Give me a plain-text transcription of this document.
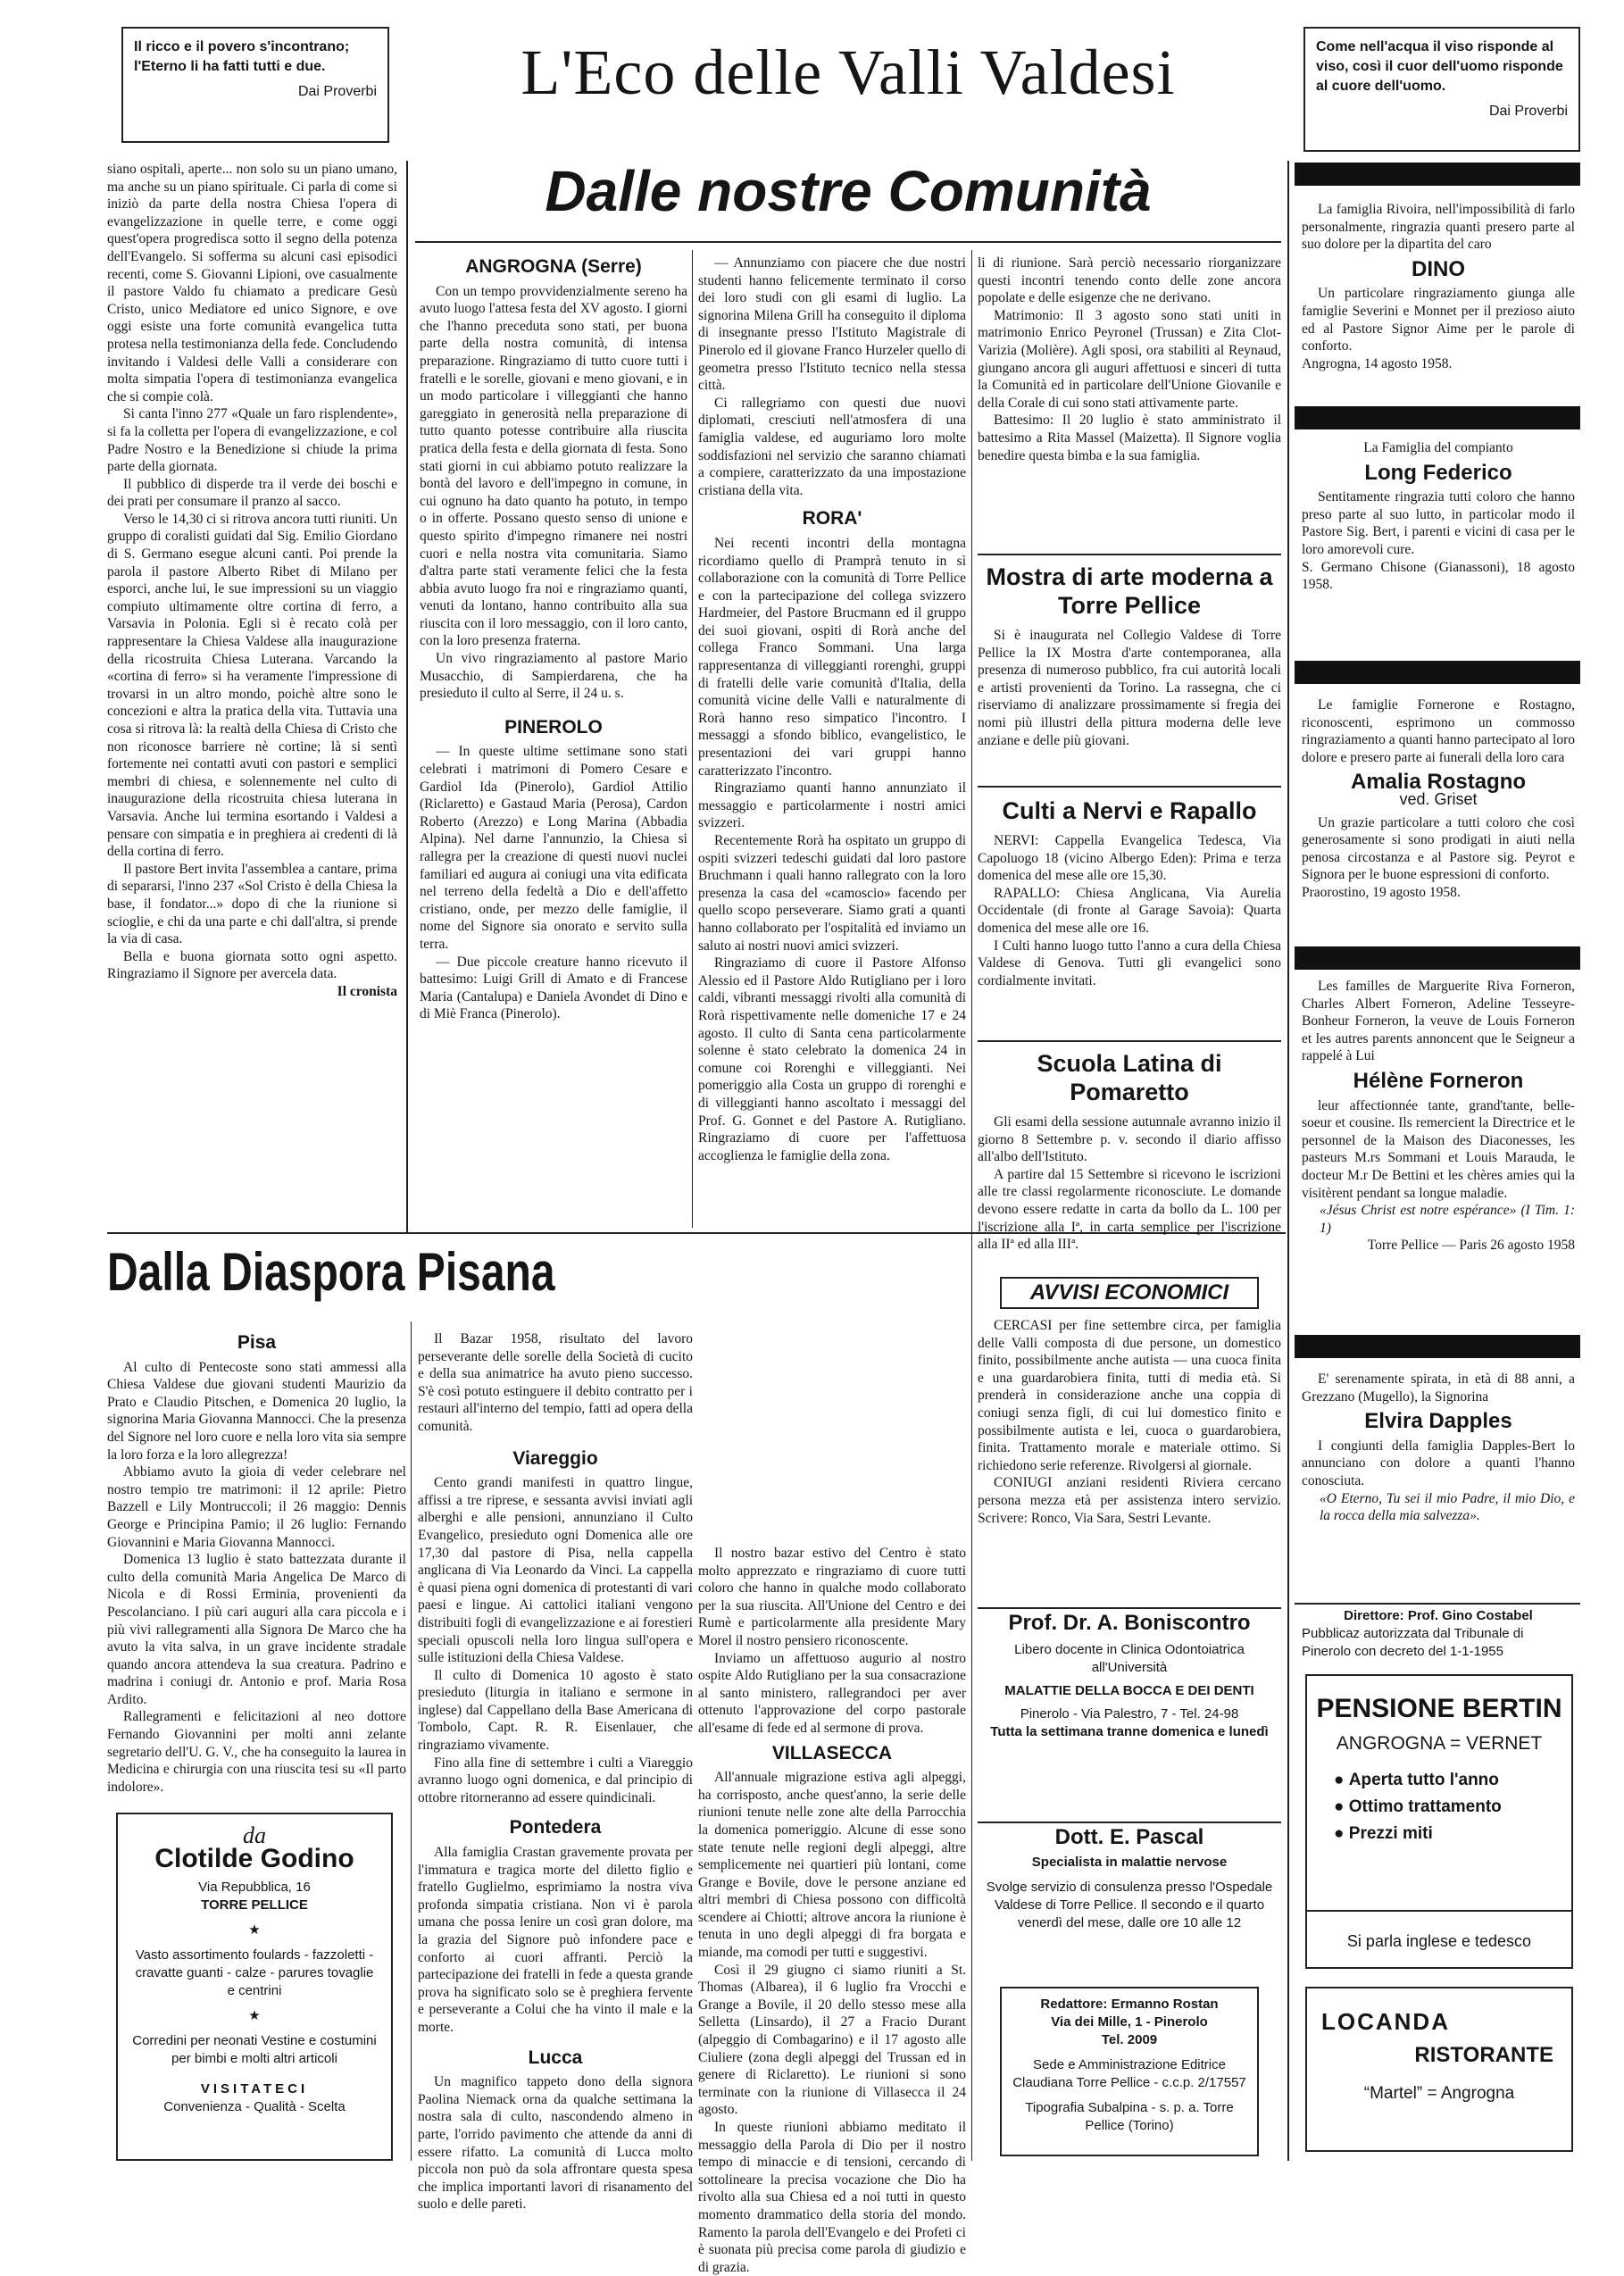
Il ricco e il povero s'incontrano; l'Eterno li ha fatti tutti e due.
Dai Proverbi	L'Eco delle Valli Valdesi	Come nell'acqua il viso risponde al viso, così il cuor dell'uomo risponde al cuore dell'uomo.
Dai Proverbi

siano ospitali, aperte... non solo su un piano umano, ma anche su un piano spirituale. Ci parla di come si iniziò da parte della nostra Chiesa l'opera di evangelizzazione in quelle terre, e come oggi quest'opera progredisca sotto il segno della potenza dell'Evangelo. Si sofferma su alcuni casi episodici recenti, come S. Giovanni Lipioni, ove casualmente il pastore Valdo fu chiamato a predicare Gesù Cristo, unico Mediatore ed unico Signore, e ove oggi esiste una forte comunità evangelica tutta protesa nella testimonianza della fede. Concludendo invitando i Valdesi delle Valli a considerare con molta simpatia l'opera di testimonianza evangelica che si compie colà.

Si canta l'inno 277 «Quale un faro risplendente», si fa la colletta per l'opera di evangelizzazione, e col Padre Nostro e la Benedizione si chiude la prima parte della giornata.

Il pubblico di disperde tra il verde dei boschi e dei prati per consumare il pranzo al sacco.

Verso le 14,30 ci si ritrova ancora tutti riuniti. Un gruppo di coralisti guidati dal Sig. Emilio Giordano di S. Germano esegue alcuni canti. Poi prende la parola il pastore Alberto Ribet di Milano per esporci, anche lui, le sue impressioni su un viaggio compiuto ultimamente oltre cortina di ferro, a Varsavia in Polonia. Egli si è recato colà per rappresentare la Chiesa Valdese alla inaugurazione della ricostruita Chiesa Luterana. Varcando la «cortina di ferro» si ha veramente l'impressione di trovarsi in un altro mondo, poichè altre sono le concezioni e altra la pratica della vita. Tuttavia una cosa si ritrova là: la realtà della Chiesa di Cristo che non riconosce barriere nè cortine; là si sentì fortemente nei contatti avuti con pastori e semplici membri di chiesa, e solennemente nel culto di inaugurazione della ricostruita chiesa luterana in Varsavia. Anche lui termina esortando i Valdesi a pensare con simpatia e in preghiera ai credenti di là della cortina di ferro.

Il pastore Bert invita l'assemblea a cantare, prima di separarsi, l'inno 237 «Sol Cristo è della Chiesa la base, il fondator...» dopo di che la riunione si scioglie, e chi da una parte e chi dall'altra, si prende la via di casa.

Bella e buona giornata sotto ogni aspetto. Ringraziamo il Signore per avercela data.

Il cronista
Dalle nostre Comunità
ANGROGNA (Serre)

Con un tempo provvidenzialmente sereno ha avuto luogo l'attesa festa del XV agosto. I giorni che l'hanno preceduta sono stati, per buona parte della nostra comunità, di intensa preparazione. Ringraziamo di tutto cuore tutti i fratelli e le sorelle, giovani e meno giovani, e in un modo particolare i villeggianti che hanno gareggiato in generosità nella preparazione di tutto quanto potesse contribuire alla riuscita pratica della festa e della giornata di festa. Sono stati giorni in cui abbiamo potuto realizzare la bontà del lavoro e dell'impegno in comune, in cui ognuno ha dato quanto ha potuto, in tempo o in offerte. Possano questo senso di unione e questo spirito d'impegno rimanere nei nostri cuori e nella nostra vita comunitaria. Siamo d'altra parte stati veramente felici che la festa abbia avuto luogo fra noi e ringraziamo quanti, venuti da lontano, hanno contribuito alla sua riuscita con il loro messaggio, con il loro canto, con la loro presenza fraterna.

Un vivo ringraziamento al pastore Mario Musacchio, di Sampierdarena, che ha presieduto il culto al Serre, il 24 u. s.

PINEROLO

— In queste ultime settimane sono stati celebrati i matrimoni di Pomero Cesare e Gardiol Ida (Pinerolo), Gardiol Attilio (Riclaretto) e Gastaud Maria (Perosa), Cardon Roberto (Arezzo) e Long Marina (Abbadia Alpina). Nel darne l'annunzio, la Chiesa si rallegra per la creazione di questi nuovi nuclei familiari ed augura ai coniugi una vita edificata nel terreno della fedeltà a Dio e dell'affetto cristiano, onde, per mezzo delle famiglie, il nome del Signore sia onorato e servito sulla terra.

— Due piccole creature hanno ricevuto il battesimo: Luigi Grill di Amato e di Francese Maria (Cantalupa) e Daniela Avondet di Dino e di Miè Franca (Pinerolo).

— Annunziamo con piacere che due nostri studenti hanno felicemente terminato il corso dei loro studi con gli esami di luglio. La signorina Milena Grill ha conseguito il diploma di insegnante presso l'Istituto Magistrale di Pinerolo ed il giovane Franco Hurzeler quello di geometra presso l'Istituto tecnico nella stessa città.

Ci rallegriamo con questi due nuovi diplomati, cresciuti nell'atmosfera di una famiglia valdese, ed auguriamo loro molte soddisfazioni nel servizio che saranno chiamati a compiere, caratterizzato da una impostazione cristiana della vita.

RORA'

Nei recenti incontri della montagna ricordiamo quello di Pramprà tenuto in sì collaborazione con la comunità di Torre Pellice e con la partecipazione del collega svizzero Hardmeier, del Pastore Brucmann ed il gruppo dei suoi giovani, ospiti di Rorà anche del collega Franco Sommani. Una larga rappresentanza di villeggianti rorenghi, gruppi di fratelli delle varie comunità d'Italia, della comunità vicine delle Valli e naturalmente di Rorà hanno reso simpatico l'incontro. I messaggi a sfondo biblico, evangelistico, le presentazioni dei vari gruppi hanno caratterizzato l'incontro.

Ringraziamo quanti hanno annunziato il messaggio e particolarmente i nostri amici svizzeri.

Recentemente Rorà ha ospitato un gruppo di ospiti svizzeri tedeschi guidati dal loro pastore Bruchmann i quali hanno rallegrato con la loro presenza la casa del «camoscio» facendo per quello scopo perseverare. Siamo grati a quanti hanno collaborato per l'ospitalità ed inviamo un saluto ai nostri nuovi amici svizzeri.

Ringraziamo di cuore il Pastore Alfonso Alessio ed il Pastore Aldo Rutigliano per i loro caldi, vibranti messaggi rivolti alla comunità di Rorà rispettivamente nelle domeniche 17 e 24 agosto. Il culto di Santa cena particolarmente solenne è stato celebrato la domenica 24 in comune coi Rorenghi e villeggianti. Nei pomeriggio alla Costa un gruppo di rorenghi e di villeggianti hanno ascoltato i messaggi del Prof. G. Gonnet e del Pastore A. Rutigliano. Ringraziamo di cuore per l'affettuosa accoglienza le famiglie della zona.

li di riunione. Sarà perciò necessario riorganizzare questi incontri tenendo conto delle zone ancora popolate e delle esigenze che ne derivano.

Matrimonio: Il 3 agosto sono stati uniti in matrimonio Enrico Peyronel (Trussan) e Zita Clot-Varizia (Molière). Agli sposi, ora stabiliti al Reynaud, giungano ancora gli auguri affettuosi e sinceri di tutta la Comunità ed in particolare dell'Unione Giovanile e della Corale di cui sono stati attivamente parte.

Battesimo: Il 20 luglio è stato amministrato il battesimo a Rita Massel (Maizetta). Il Signore voglia benedire questa bimba e la sua famiglia.

Mostra di arte moderna a Torre Pellice

Si è inaugurata nel Collegio Valdese di Torre Pellice la IX Mostra d'arte contemporanea, alla presenza di numeroso pubblico, fra cui autorità locali e artisti provenienti da Torino. La rassegna, che ci riserviamo di analizzare prossimamente si fregia dei nomi più illustri della pittura moderna delle leve anziane e delle più giovani.

Culti a Nervi e Rapallo

NERVI: Cappella Evangelica Tedesca, Via Capoluogo 18 (vicino Albergo Eden): Prima e terza domenica del mese alle ore 15,30.

RAPALLO: Chiesa Anglicana, Via Aurelia Occidentale (di fronte al Garage Savoia): Quarta domenica del mese alle ore 16.

I Culti hanno luogo tutto l'anno a cura della Chiesa Valdese di Genova. Tutti gli evangelici sono cordialmente invitati.

Scuola Latina di Pomaretto

Gli esami della sessione autunnale avranno inizio il giorno 8 Settembre p. v. secondo il diario affisso all'albo dell'Istituto.

A partire dal 15 Settembre si ricevono le iscrizioni alle tre classi regolarmente riconosciute. Le domande devono essere redatte in carta da bollo da L. 100 per l'iscrizione alla Iª, in carta semplice per l'iscrizione alla IIª ed alla IIIª.

AVVISI ECONOMICI

CERCASI per fine settembre circa, per famiglia delle Valli composta di due persone, un domestico finito, possibilmente anche autista — una cuoca finita e una guardarobiera finita, tutti di media età. Si prenderà in considerazione anche una coppia di coniugi senza figli, di cui lui domestico finito e possibilmente autista e lei, cuoca o guardarobiera, finita. Trattamento morale e materiale ottimo. Si richiedono serie referenze. Rivolgersi al giornale.

CONIUGI anziani residenti Riviera cercano persona mezza età per assistenza intero servizio. Scrivere: Ronco, Via Sara, Sestri Levante.

Dalla Diaspora Pisana
Pisa

Al culto di Pentecoste sono stati ammessi alla Chiesa Valdese due giovani studenti Maurizio da Prato e Claudio Pitschen, e Domenica 20 luglio, la signorina Maria Giovanna Mannocci. Che la presenza del Signore nel loro cuore e nella loro vita sia sempre la loro forza e la loro allegrezza!

Abbiamo avuto la gioia di veder celebrare nel nostro tempio tre matrimoni: il 12 aprile: Pietro Bazzell e Lily Montruccoli; il 26 maggio: Dennis George e Principina Pamio; il 26 luglio: Fernando Giovannini e Maria Giovanna Mannocci.

Domenica 13 luglio è stato battezzata durante il culto della comunità Maria Angelica De Marco di Nicola e di Rossi Erminia, provenienti da Pescolanciano. I più cari auguri alla cara piccola e i più vivi rallegramenti alla Signora De Marco che ha avuto la vita salva, in un grave incidente stradale quando ancora attendeva la sua creatura. Padrino e madrina i coniugi dr. Antonio e prof. Maria Rosa Ardito.

Rallegramenti e felicitazioni al neo dottore Fernando Giovannini per molti anni zelante segretario dell'U. G. V., che ha conseguito la laurea in Medicina e chirurgia con una riuscita tesi su «Il parto indolore».

Il Bazar 1958, risultato del lavoro perseverante delle sorelle della Società di cucito e della sua animatrice ha avuto pieno successo. S'è così potuto estinguere il debito contratto per i restauri all'interno del tempio, fatti ad opera della comunità.

Viareggio

Cento grandi manifesti in quattro lingue, affissi a tre riprese, e sessanta avvisi inviati agli alberghi e alle pensioni, annunziano il Culto Evangelico, presieduto ogni Domenica alle ore 17,30 dal pastore di Pisa, nella cappella anglicana di Via Leonardo da Vinci. La cappella è quasi piena ogni domenica di protestanti di vari paesi e lingue. Ai cattolici italiani vengono distribuiti fogli di evangelizzazione e ai forestieri speciali opuscoli nella loro lingua sull'opera e sulle istituzioni della Chiesa Valdese.

Il culto di Domenica 10 agosto è stato presieduto (liturgia in italiano e sermone in inglese) dal Cappellano della Base Americana di Tombolo, Capt. R. R. Eisenlauer, che ringraziamo vivamente.

Fino alla fine di settembre i culti a Viareggio avranno luogo ogni domenica, e dal principio di ottobre ritorneranno ad essere quindicinali.

Pontedera

Alla famiglia Crastan gravemente provata per l'immatura e tragica morte del diletto figlio e fratello Guglielmo, esprimiamo la nostra viva profonda simpatia cristiana. Non vi è parola umana che possa lenire un così gran dolore, ma la grazia del Signore può infondere pace e conforto ai cuori affranti. Perciò la partecipazione dei fratelli in fede a questa grande prova ha significato solo se è preghiera fervente e perseverante a Colui che ha vinto il male e la morte.

Lucca

Un magnifico tappeto dono della signora Paolina Niemack orna da qualche settimana la nostra sala di culto, nascondendo almeno in parte, l'orrido pavimento che attende da anni di essere rifatto. La comunità di Lucca molto piccola non può da sola affrontare questa spesa che implica importanti lavori di risanamento del suolo e delle pareti.

Il nostro bazar estivo del Centro è stato molto apprezzato e ringraziamo di cuore tutti coloro che hanno in qualche modo collaborato per la sua riuscita. All'Unione del Centro e dei Rumè e particolarmente alla presidente Mary Morel il nostro pensiero riconoscente.

Inviamo un affettuoso augurio al nostro ospite Aldo Rutigliano per la sua consacrazione al santo ministero, rallegrandoci per aver ottenuto l'approvazione del corpo pastorale all'esame di fede ed al sermone di prova.

VILLASECCA

All'annuale migrazione estiva agli alpeggi, ha corrisposto, anche quest'anno, la serie delle riunioni tenute nelle zone alte della Parrocchia la domenica pomeriggio. Alcune di esse sono state tenute nelle regioni degli alpeggi, altre semplicemente nei quartieri più lontani, come Grange e Bovile, dove le persone anziane ed altri membri di Chiesa possono con difficoltà scendere ai Chiotti; altrove ancora la riunione è tenuta in uno degli alpeggi di fra borgata e miande, ma comodi per tutti e suggestivi.

Così il 29 giugno ci siamo riuniti a St. Thomas (Albarea), il 6 luglio fra Vrocchi e Grange a Bovile, il 20 dello stesso mese alla Selletta (Linsardo), il 27 a Fracio Durant (alpeggio di Combagarino) e il 17 agosto alle Ciuliere (zona degli alpeggi del Trussan ed in genere di Riclaretto). Le riunioni si sono terminate con la riunione di Villasecca il 24 agosto.

In queste riunioni abbiamo meditato il messaggio della Parola di Dio per il nostro tempo di minaccie e di tensioni, cercando di sottolineare la precisa vocazione che Dio ha rivolto alla sua Chiesa ed a noi tutti in questo momento drammatico della storia del mondo. Ramento la parola dell'Evangelo e dei Profeti ci è suonata più precisa come parola di giudizio e di grazia.

da
Clotilde Godino
Via Repubblica, 16
TORRE PELLICE
★
Vasto assortimento foulards - fazzoletti - cravatte guanti - calze - parures tovaglie e centrini
★
Corredini per neonati Vestine e costumini per bimbi e molti altri articoli
VISITATECI
Convenienza - Qualità - Scelta
Prof. Dr. A. Boniscontro
Libero docente in Clinica Odontoiatrica all'Università
MALATTIE DELLA BOCCA E DEI DENTI
Pinerolo - Via Palestro, 7 - Tel. 24-98
Tutta la settimana tranne domenica e lunedì
Dott. E. Pascal
Specialista in malattie nervose
Svolge servizio di consulenza presso l'Ospedale Valdese di Torre Pellice. Il secondo e il quarto venerdì del mese, dalle ore 10 alle 12
Redattore: Ermanno Rostan
Via dei Mille, 1 - Pinerolo
Tel. 2009
Sede e Amministrazione Editrice Claudiana Torre Pellice - c.c.p. 2/17557
Tipografia Subalpina - s. p. a. Torre Pellice (Torino)

La famiglia Rivoira, nell'impossibilità di farlo personalmente, ringrazia quanti presero parte al suo dolore per la dipartita del caro

DINO

Un particolare ringraziamento giunga alle famiglie Severini e Monnet per il prezioso aiuto ed al Pastore Signor Aime per le parole di conforto.

Angrogna, 14 agosto 1958.
La Famiglia del compianto
Long Federico

Sentitamente ringrazia tutti coloro che hanno preso parte al suo lutto, in particolar modo il Pastore Sig. Bert, i parenti e vicini di casa per le loro amorevoli cure.

S. Germano Chisone (Gianassoni), 18 agosto 1958.

Le famiglie Fornerone e Rostagno, riconoscenti, esprimono un commosso ringraziamento a quanti hanno partecipato al loro dolore e presero parte ai funerali della loro cara

Amalia Rostagno
ved. Griset

Un grazie particolare a tutti coloro che così generosamente si sono prodigati in aiuti nella penosa circostanza e al Pastore sig. Peyrot e Signora per le buone espressioni di conforto.

Praorostino, 19 agosto 1958.

Les familles de Marguerite Riva Forneron, Charles Albert Forneron, Adeline Tesseyre-Bonheur Forneron, la veuve de Louis Forneron et les autres parents annoncent que le Seigneur a rappelé à Lui

Hélène Forneron

leur affectionnée tante, grand'tante, belle-soeur et cousine. Ils remercient la Directrice et le personnel de la Maison des Diaconesses, les pasteurs M.rs Sommani et Louis Marauda, le docteur M.r De Bettini et les chères amies qui la visitèrent pendant sa longue maladie.

«Jésus Christ est notre espérance» (I Tim. 1: 1)
Torre Pellice — Paris 26 agosto 1958

E' serenamente spirata, in età di 88 anni, a Grezzano (Mugello), la Signorina

Elvira Dapples

I congiunti della famiglia Dapples-Bert lo annunciano con dolore a quanti l'hanno conosciuta.

«O Eterno, Tu sei il mio Padre, il mio Dio, e la rocca della mia salvezza».
Direttore: Prof. Gino Costabel
Pubblicaz autorizzata dal Tribunale di Pinerolo con decreto del 1-1-1955
PENSIONE BERTIN
ANGROGNA = VERNET
● Aperta tutto l'anno
● Ottimo trattamento
● Prezzi miti
Si parla inglese e tedesco
LOCANDA
RISTORANTE
“Martel” = Angrogna
